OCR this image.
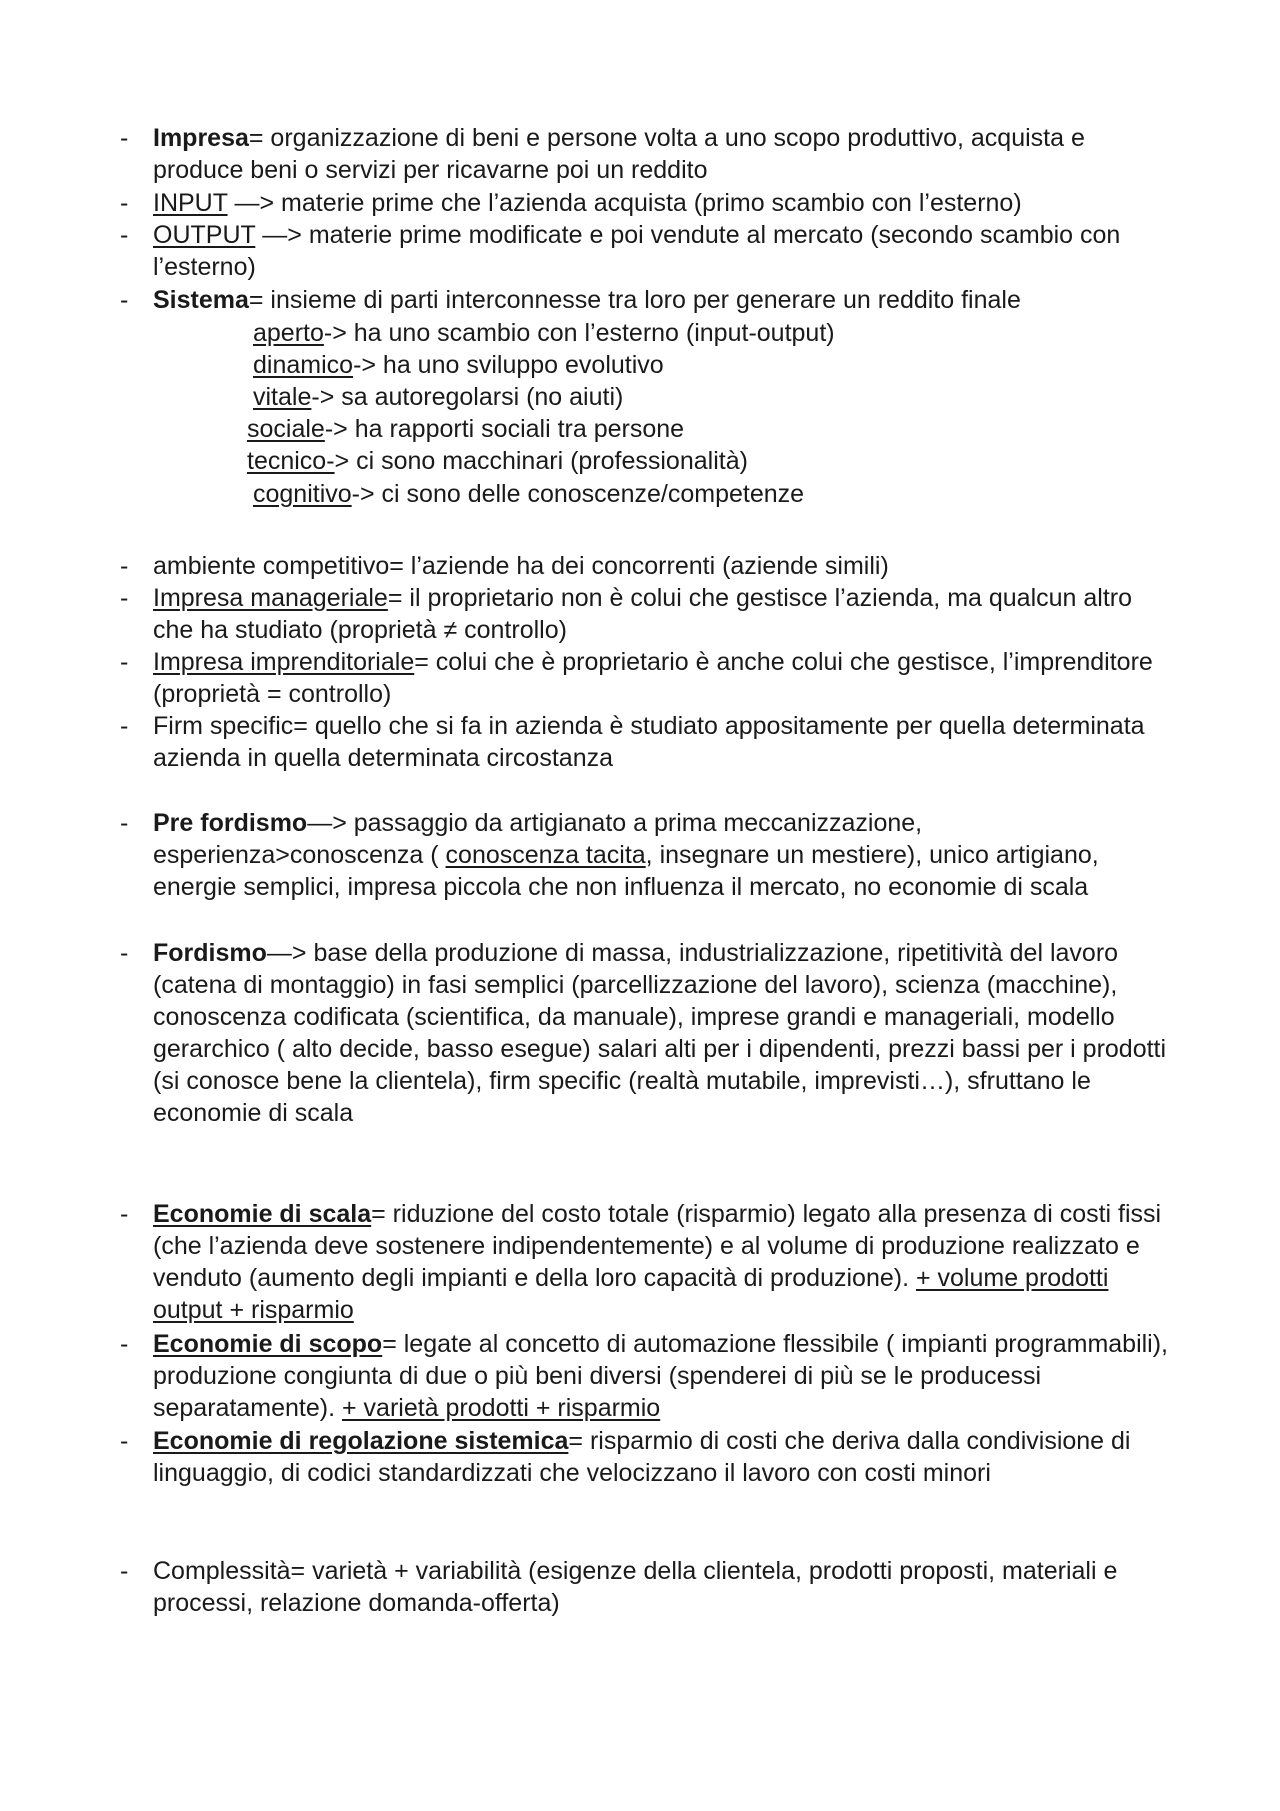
- Impresa= organizzazione di beni e persone volta a uno scopo produttivo, acquista e produce beni o servizi per ricavarne poi un reddito
- INPUT —> materie prime che l’azienda acquista (primo scambio con l’esterno)
- OUTPUT —> materie prime modificate e poi vendute al mercato (secondo scambio con l’esterno)
- Sistema= insieme di parti interconnesse tra loro per generare un reddito finale
aperto-> ha uno scambio con l’esterno (input-output)
dinamico-> ha uno sviluppo evolutivo
vitale-> sa autoregolarsi (no aiuti)
sociale-> ha rapporti sociali tra persone
tecnico-> ci sono macchinari (professionalità)
cognitivo-> ci sono delle conoscenze/competenze
- ambiente competitivo= l’aziende ha dei concorrenti (aziende simili)
- Impresa manageriale= il proprietario non è colui che gestisce l’azienda, ma qualcun altro che ha studiato (proprietà ≠ controllo)
- Impresa imprenditoriale= colui che è proprietario è anche colui che gestisce, l’imprenditore (proprietà = controllo)
- Firm specific= quello che si fa in azienda è studiato appositamente per quella determinata azienda in quella determinata circostanza
- Pre fordismo—> passaggio da artigianato a prima meccanizzazione, esperienza>conoscenza ( conoscenza tacita, insegnare un mestiere), unico artigiano, energie semplici, impresa piccola che non influenza il mercato, no economie di scala
- Fordismo—> base della produzione di massa, industrializzazione, ripetitività del lavoro (catena di montaggio) in fasi semplici (parcellizzazione del lavoro), scienza (macchine), conoscenza codificata (scientifica, da manuale), imprese grandi e manageriali, modello gerarchico ( alto decide, basso esegue) salari alti per i dipendenti, prezzi bassi per i prodotti (si conosce bene la clientela), firm specific (realtà mutabile, imprevisti…), sfruttano le economie di scala
- Economie di scala= riduzione del costo totale (risparmio) legato alla presenza di costi fissi (che l’azienda deve sostenere indipendentemente) e al volume di produzione realizzato e venduto (aumento degli impianti e della loro capacità di produzione). + volume prodotti output + risparmio
- Economie di scopo= legate al concetto di automazione flessibile ( impianti programmabili), produzione congiunta di due o più beni diversi (spenderei di più se le producessi separatamente). + varietà prodotti + risparmio
- Economie di regolazione sistemica= risparmio di costi che deriva dalla condivisione di linguaggio, di codici standardizzati che velocizzano il lavoro con costi minori
- Complessità= varietà + variabilità (esigenze della clientela, prodotti proposti, materiali e processi, relazione domanda-offerta)
